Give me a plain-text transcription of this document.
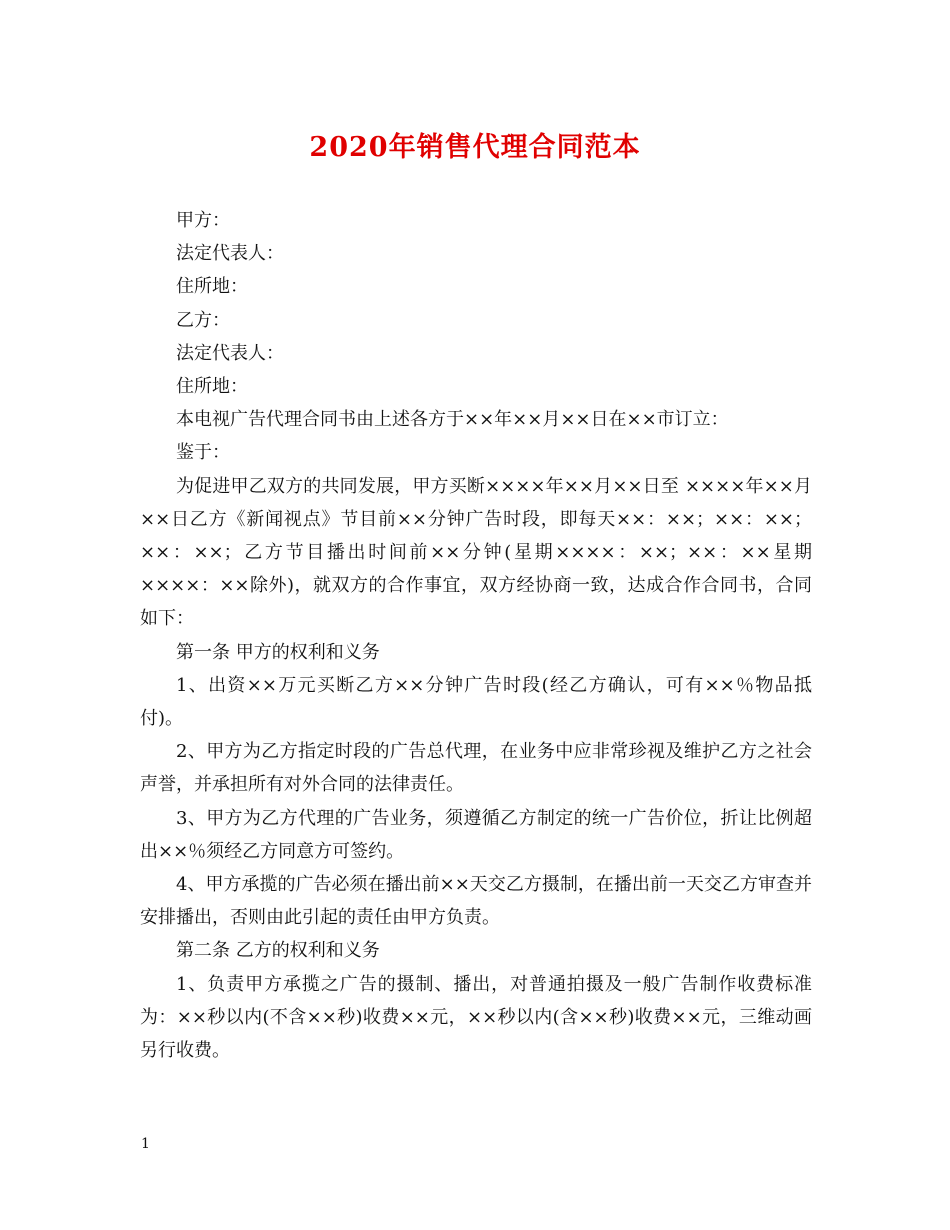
2020年销售代理合同范本

甲方：

法定代表人：

住所地：

乙方：

法定代表人：

住所地：

本电视广告代理合同书由上述各方于××年××月××日在××市订立：

鉴于：

为促进甲乙双方的共同发展，甲方买断××××年××月××日至 ××××年××月××日乙方《新闻视点》节目前××分钟广告时段，即每天××：××；××：××；××：××；乙方节目播出时间前××分钟(星期××××：××；××：××星期××××：××除外)，就双方的合作事宜，双方经协商一致，达成合作合同书，合同如下：

第一条 甲方的权利和义务

1、出资××万元买断乙方××分钟广告时段(经乙方确认，可有××％物品抵付)。

2、甲方为乙方指定时段的广告总代理，在业务中应非常珍视及维护乙方之社会声誉，并承担所有对外合同的法律责任。

3、甲方为乙方代理的广告业务，须遵循乙方制定的统一广告价位，折让比例超出××％须经乙方同意方可签约。

4、甲方承揽的广告必须在播出前××天交乙方摄制，在播出前一天交乙方审查并安排播出，否则由此引起的责任由甲方负责。

第二条 乙方的权利和义务

1、负责甲方承揽之广告的摄制、播出，对普通拍摄及一般广告制作收费标准为：××秒以内(不含××秒)收费××元，××秒以内(含××秒)收费××元，三维动画另行收费。

1
